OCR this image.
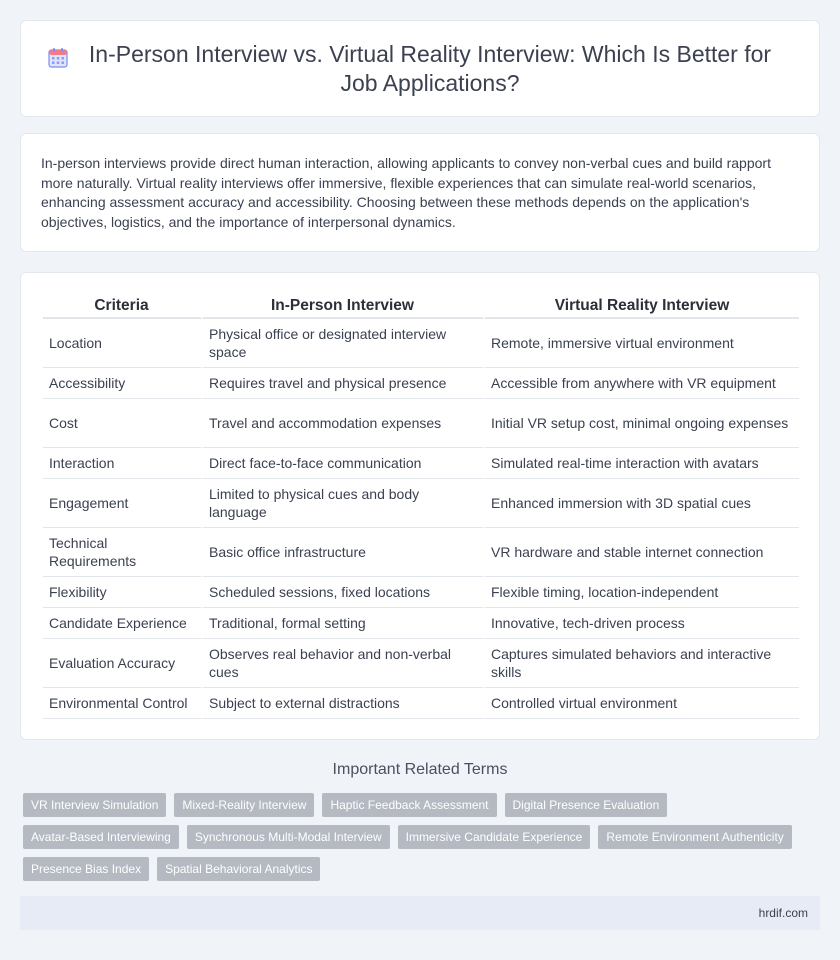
In-Person Interview vs. Virtual Reality Interview: Which Is Better for Job Applications?

In-person interviews provide direct human interaction, allowing applicants to convey non-verbal cues and build rapport more naturally. Virtual reality interviews offer immersive, flexible experiences that can simulate real-world scenarios, enhancing assessment accuracy and accessibility. Choosing between these methods depends on the application's objectives, logistics, and the importance of interpersonal dynamics.

Criteria	In-Person Interview	Virtual Reality Interview
Location	Physical office or designated interview space	Remote, immersive virtual environment
Accessibility	Requires travel and physical presence	Accessible from anywhere with VR equipment
Cost	Travel and accommodation expenses	Initial VR setup cost, minimal ongoing expenses
Interaction	Direct face-to-face communication	Simulated real-time interaction with avatars
Engagement	Limited to physical cues and body language	Enhanced immersion with 3D spatial cues
Technical Requirements	Basic office infrastructure	VR hardware and stable internet connection
Flexibility	Scheduled sessions, fixed locations	Flexible timing, location-independent
Candidate Experience	Traditional, formal setting	Innovative, tech-driven process
Evaluation Accuracy	Observes real behavior and non-verbal cues	Captures simulated behaviors and interactive skills
Environmental Control	Subject to external distractions	Controlled virtual environment
Important Related Terms
VR Interview Simulation	Mixed-Reality Interview	Haptic Feedback Assessment	Digital Presence Evaluation
Avatar-Based Interviewing	Synchronous Multi-Modal Interview	Immersive Candidate Experience	Remote Environment Authenticity
Presence Bias Index	Spatial Behavioral Analytics
hrdif.com
